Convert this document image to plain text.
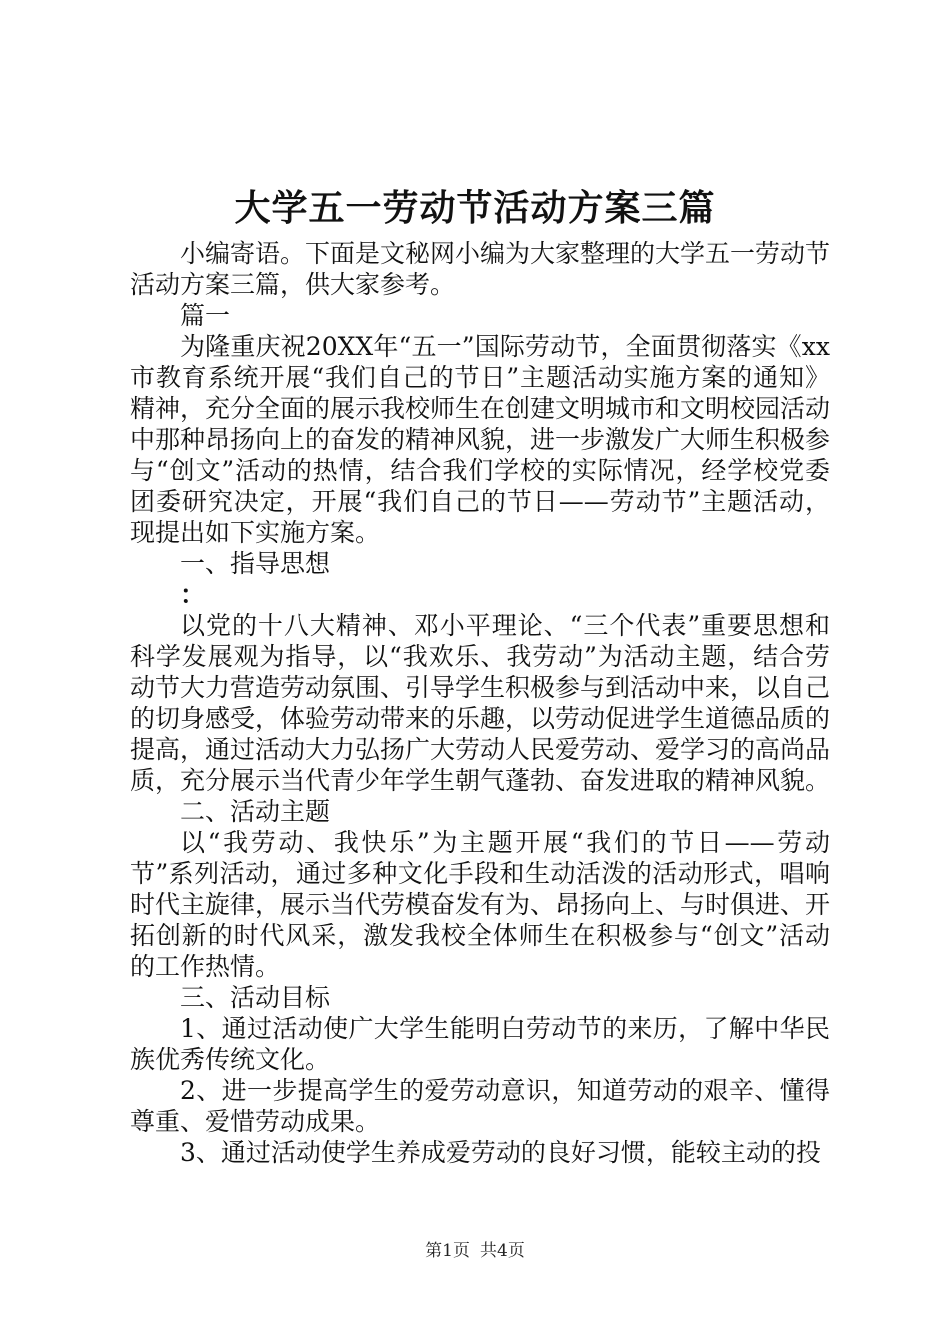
大学五一劳动节活动方案三篇

小编寄语。下面是文秘网小编为大家整理的大学五一劳动节活动方案三篇，供大家参考。

篇一

为隆重庆祝20XX年“五一”国际劳动节，全面贯彻落实《xx市教育系统开展“我们自己的节日”主题活动实施方案的通知》精神，充分全面的展示我校师生在创建文明城市和文明校园活动中那种昂扬向上的奋发的精神风貌，进一步激发广大师生积极参与“创文”活动的热情，结合我们学校的实际情况，经学校党委团委研究决定，开展“我们自己的节日——劳动节”主题活动，现提出如下实施方案。

一、指导思想

：

以党的十八大精神、邓小平理论、“三个代表”重要思想和科学发展观为指导，以“我欢乐、我劳动”为活动主题，结合劳动节大力营造劳动氛围、引导学生积极参与到活动中来，以自己的切身感受，体验劳动带来的乐趣，以劳动促进学生道德品质的提高，通过活动大力弘扬广大劳动人民爱劳动、爱学习的高尚品质，充分展示当代青少年学生朝气蓬勃、奋发进取的精神风貌。

二、活动主题

以“我劳动、我快乐”为主题开展“我们的节日——劳动节”系列活动，通过多种文化手段和生动活泼的活动形式，唱响时代主旋律，展示当代劳模奋发有为、昂扬向上、与时俱进、开拓创新的时代风采，激发我校全体师生在积极参与“创文”活动的工作热情。

三、活动目标

1、通过活动使广大学生能明白劳动节的来历，了解中华民族优秀传统文化。

2、进一步提高学生的爱劳动意识，知道劳动的艰辛、懂得尊重、爱惜劳动成果。

3、通过活动使学生养成爱劳动的良好习惯，能较主动的投

第1页 共4页
